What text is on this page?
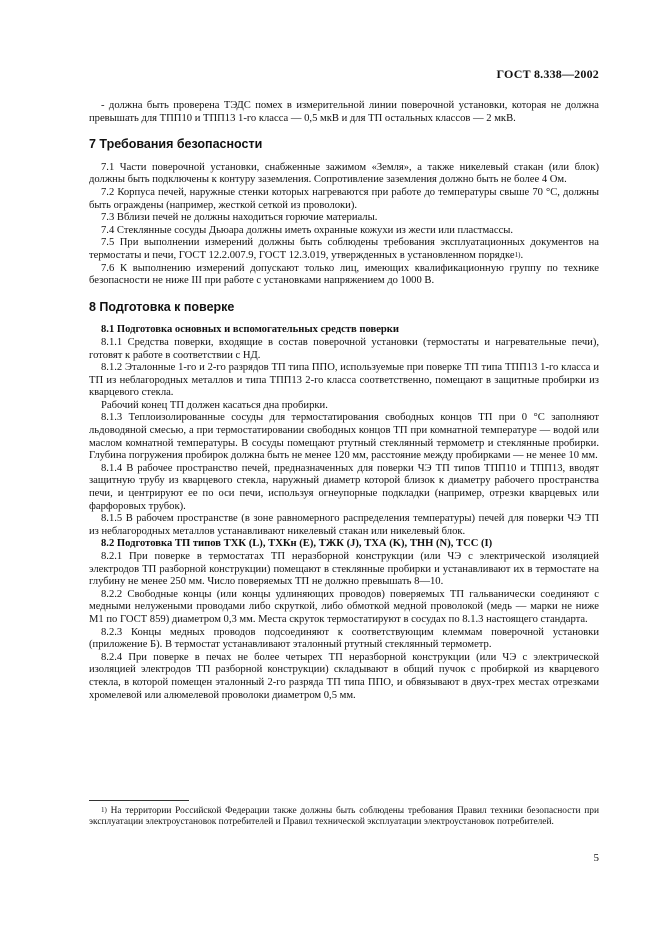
ГОСТ 8.338—2002

- должна быть проверена ТЭДС помех в измерительной линии поверочной установки, которая не должна превышать для ТПП10 и ТПП13 1-го класса — 0,5 мкВ и для ТП остальных классов — 2 мкВ.

7 Требования безопасности

7.1 Части поверочной установки, снабженные зажимом «Земля», а также никелевый стакан (или блок) должны быть подключены к контуру заземления. Сопротивление заземления должно быть не более 4 Ом.

7.2 Корпуса печей, наружные стенки которых нагреваются при работе до температуры свыше 70 °С, должны быть ограждены (например, жесткой сеткой из проволоки).

7.3 Вблизи печей не должны находиться горючие материалы.

7.4 Стеклянные сосуды Дьюара должны иметь охранные кожухи из жести или пластмассы.

7.5 При выполнении измерений должны быть соблюдены требования эксплуатационных документов на термостаты и печи, ГОСТ 12.2.007.9, ГОСТ 12.3.019, утвержденных в установленном порядке$^{1)}$.

7.6 К выполнению измерений допускают только лиц, имеющих квалификационную группу по технике безопасности не ниже III при работе с установками напряжением до 1000 В.

8 Подготовка к поверке

8.1 Подготовка основных и вспомогательных средств поверки

8.1.1 Средства поверки, входящие в состав поверочной установки (термостаты и нагревательные печи), готовят к работе в соответствии с НД.

8.1.2 Эталонные 1-го и 2-го разрядов ТП типа ППО, используемые при поверке ТП типа ТПП13 1-го класса и ТП из неблагородных металлов и типа ТПП13 2-го класса соответственно, помещают в защитные пробирки из кварцевого стекла.

Рабочий конец ТП должен касаться дна пробирки.

8.1.3 Теплоизолированные сосуды для термостатирования свободных концов ТП при 0 °С заполняют льдоводяной смесью, а при термостатировании свободных концов ТП при комнатной температуре — водой или маслом комнатной температуры. В сосуды помещают ртутный стеклянный термометр и стеклянные пробирки. Глубина погружения пробирок должна быть не менее 120 мм, расстояние между пробирками — не менее 10 мм.

8.1.4 В рабочее пространство печей, предназначенных для поверки ЧЭ ТП типов ТПП10 и ТПП13, вводят защитную трубу из кварцевого стекла, наружный диаметр которой близок к диаметру рабочего пространства печи, и центрируют ее по оси печи, используя огнеупорные подкладки (например, отрезки кварцевых или фарфоровых трубок).

8.1.5 В рабочем пространстве (в зоне равномерного распределения температуры) печей для поверки ЧЭ ТП из неблагородных металлов устанавливают никелевый стакан или никелевый блок.

8.2 Подготовка ТП типов ТХК (L), ТХКн (E), ТЖК (J), ТХА (K), ТНН (N), ТСС (I)

8.2.1 При поверке в термостатах ТП неразборной конструкции (или ЧЭ с электрической изоляцией электродов ТП разборной конструкции) помещают в стеклянные пробирки и устанавливают их в термостате на глубину не менее 250 мм. Число поверяемых ТП не должно превышать 8—10.

8.2.2 Свободные концы (или концы удлиняющих проводов) поверяемых ТП гальванически соединяют с медными нелужеными проводами либо скруткой, либо обмоткой медной проволокой (медь — марки не ниже М1 по ГОСТ 859) диаметром 0,3 мм. Места скруток термостатируют в сосудах по 8.1.3 настоящего стандарта.

8.2.3 Концы медных проводов подсоединяют к соответствующим клеммам поверочной установки (приложение Б). В термостат устанавливают эталонный ртутный стеклянный термометр.

8.2.4 При поверке в печах не более четырех ТП неразборной конструкции (или ЧЭ с электрической изоляцией электродов ТП разборной конструкции) складывают в общий пучок с пробиркой из кварцевого стекла, в которой помещен эталонный 2-го разряда ТП типа ППО, и обвязывают в двух-трех местах отрезками хромелевой или алюмелевой проволоки диаметром 0,5 мм.

$^{1)}$ На территории Российской Федерации также должны быть соблюдены требования Правил техники безопасности при эксплуатации электроустановок потребителей и Правил технической эксплуатации электроустановок потребителей.

5
